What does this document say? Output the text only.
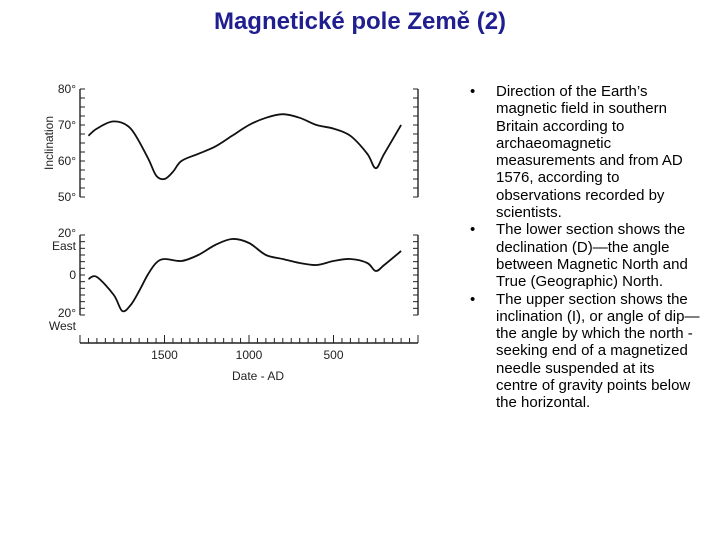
Magnetické pole Země (2)
80°
70°
60°
50°
20° East
0
20° West
1500	1000	500
Inclination
Date - AD
• Direction of the Earth’s magnetic field in southern Britain according to archaeomagnetic measurements and from AD 1576, according to observations recorded by scientists.
• The lower section shows the declination (D)—the angle between Magnetic North and True (Geographic) North.
• The upper section shows the inclination (I), or angle of dip—the angle by which the north -seeking end of a magnetized needle suspended at its centre of gravity points below the horizontal.
